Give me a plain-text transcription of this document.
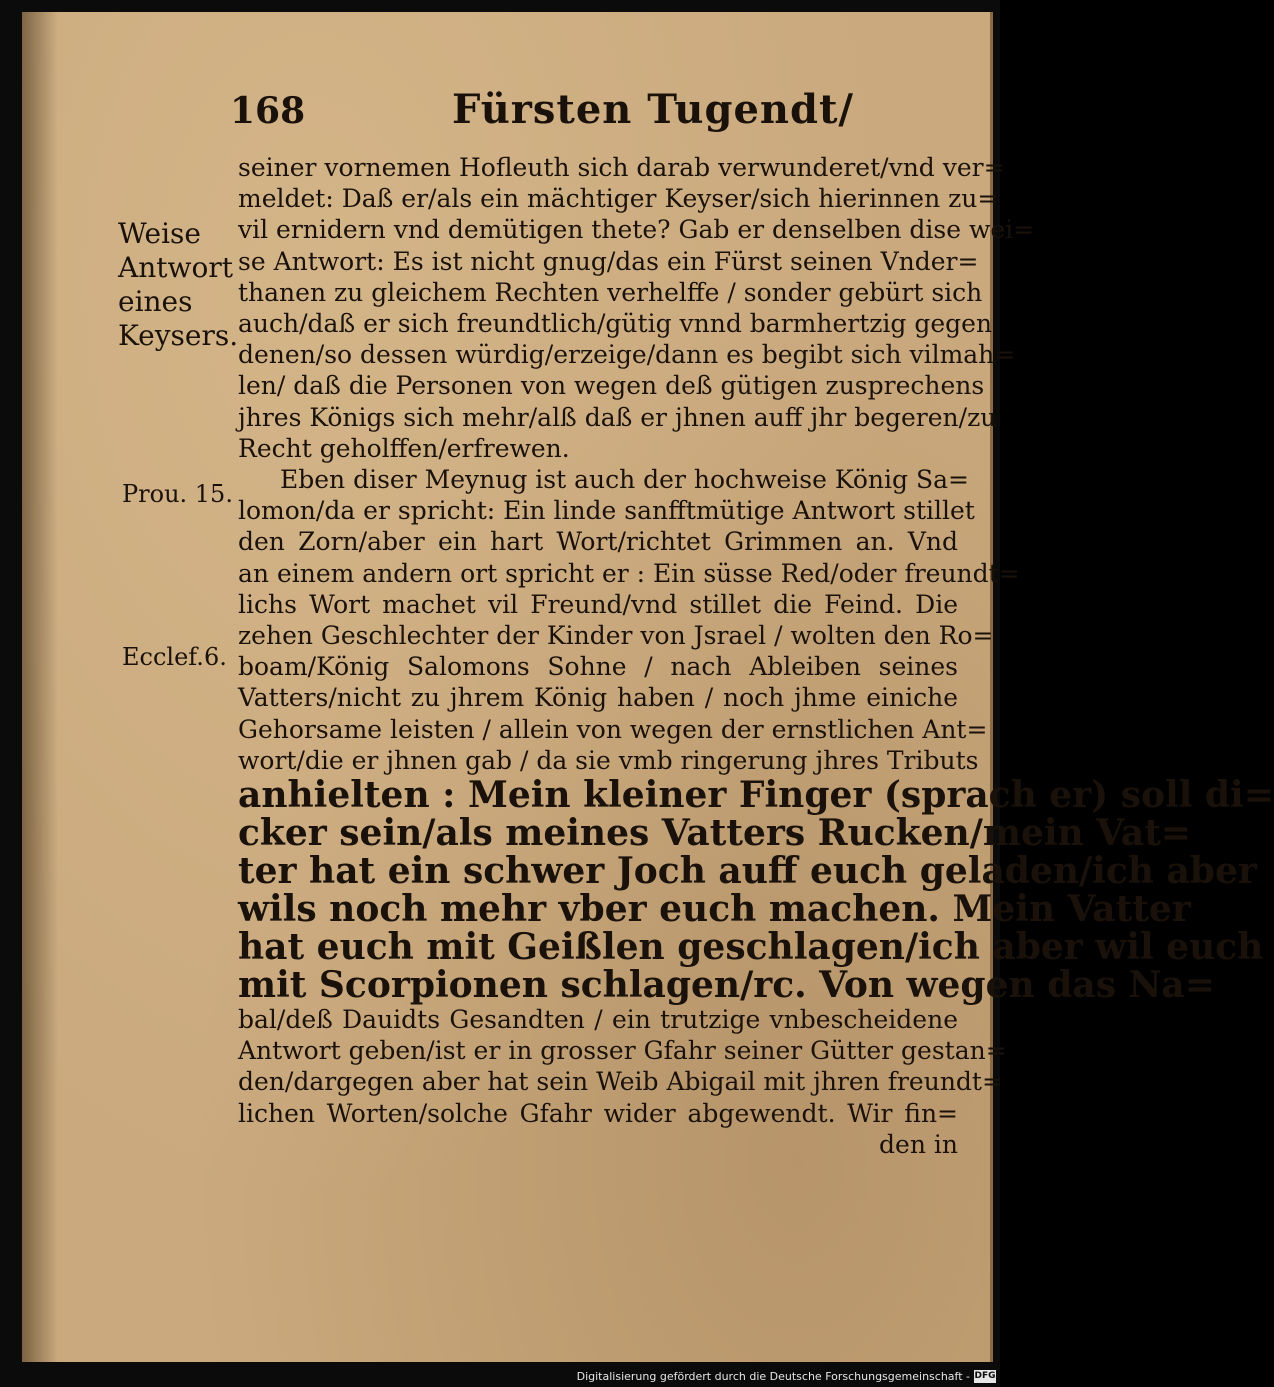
168	Fürsten Tugendt/
Weise
Antwort
eines
Keysers.
Prou. 15.
Ecclef.6.
seiner vornemen Hofleuth sich darab verwunderet/vnd ver=
meldet: Daß er/als ein mächtiger Keyser/sich hierinnen zu=
vil ernidern vnd demütigen thete? Gab er denselben dise wei=
se Antwort: Es ist nicht gnug/das ein Fürst seinen Vnder=
thanen zu gleichem Rechten verhelffe / sonder gebürt sich
auch/daß er sich freundtlich/gütig vnnd barmhertzig gegen
denen/so dessen würdig/erzeige/dann es begibt sich vilmah=
len/ daß die Personen von wegen deß gütigen zusprechens
jhres Königs sich mehr/alß daß er jhnen auff jhr begeren/zu
Recht geholffen/erfrewen.
Eben diser Meynug ist auch der hochweise König Sa=
lomon/da er spricht: Ein linde sanfftmütige Antwort stillet
den Zorn/aber ein hart Wort/richtet Grimmen an. Vnd
an einem andern ort spricht er : Ein süsse Red/oder freundt=
lichs Wort machet vil Freund/vnd stillet die Feind. Die
zehen Geschlechter der Kinder von Jsrael / wolten den Ro=
boam/König Salomons Sohne / nach Ableiben seines
Vatters/nicht zu jhrem König haben / noch jhme einiche
Gehorsame leisten / allein von wegen der ernstlichen Ant=
wort/die er jhnen gab / da sie vmb ringerung jhres Tributs
anhielten : Mein kleiner Finger (sprach er) soll di=
cker sein/als meines Vatters Rucken/mein Vat=
ter hat ein schwer Joch auff euch geladen/ich aber
wils noch mehr vber euch machen. Mein Vatter
hat euch mit Geißlen geschlagen/ich aber wil euch
mit Scorpionen schlagen/rc. Von wegen das Na=
bal/deß Dauidts Gesandten / ein trutzige vnbescheidene
Antwort geben/ist er in grosser Gfahr seiner Gütter gestan=
den/dargegen aber hat sein Weib Abigail mit jhren freundt=
lichen Worten/solche Gfahr wider abgewendt. Wir fin=
den in
Digitalisierung gefördert durch die Deutsche Forschungsgemeinschaft - DFG
